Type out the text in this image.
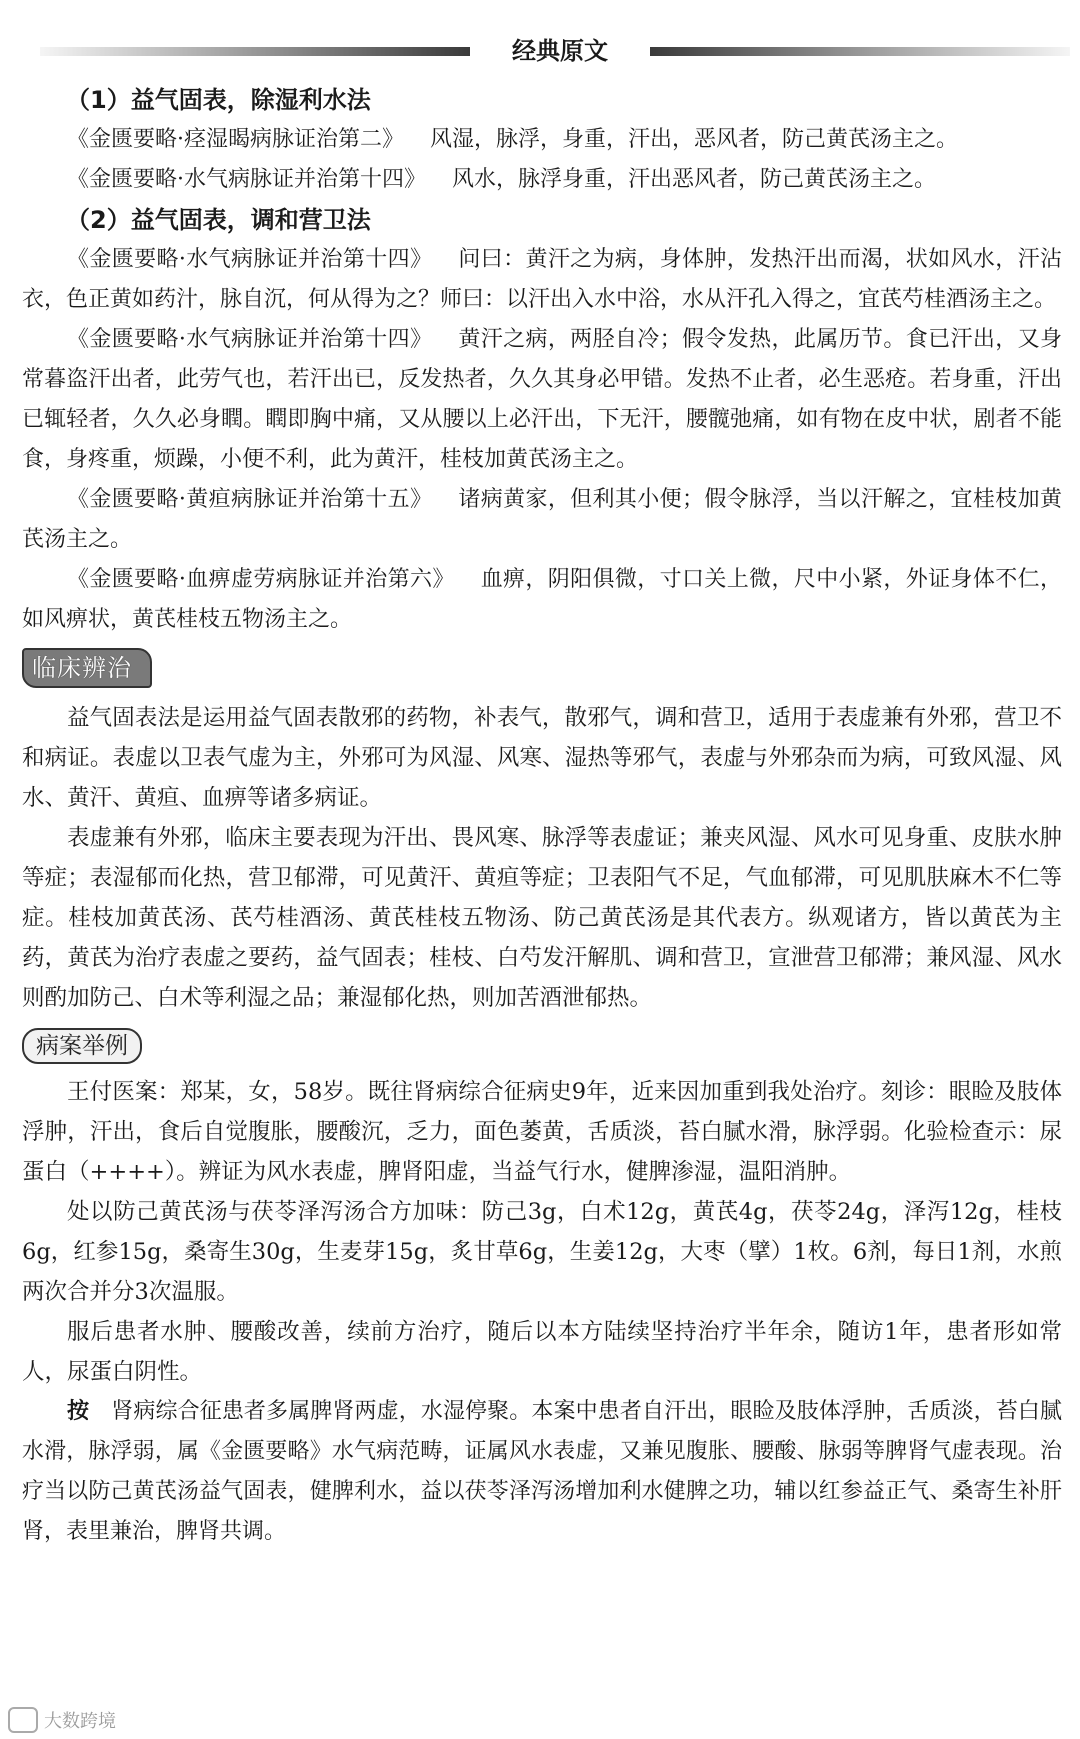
经典原文
（1）益气固表，除湿利水法

《金匮要略·痉湿暍病脉证治第二》 风湿，脉浮，身重，汗出，恶风者，防己黄芪汤主之。

《金匮要略·水气病脉证并治第十四》 风水，脉浮身重，汗出恶风者，防己黄芪汤主之。

（2）益气固表，调和营卫法

《金匮要略·水气病脉证并治第十四》 问曰：黄汗之为病，身体肿，发热汗出而渴，状如风水，汗沾衣，色正黄如药汁，脉自沉，何从得为之？师曰：以汗出入水中浴，水从汗孔入得之，宜芪芍桂酒汤主之。

《金匮要略·水气病脉证并治第十四》 黄汗之病，两胫自冷；假令发热，此属历节。食已汗出，又身常暮盗汗出者，此劳气也，若汗出已，反发热者，久久其身必甲错。发热不止者，必生恶疮。若身重，汗出已辄轻者，久久必身瞤。瞤即胸中痛，又从腰以上必汗出，下无汗，腰髋弛痛，如有物在皮中状，剧者不能食，身疼重，烦躁，小便不利，此为黄汗，桂枝加黄芪汤主之。

《金匮要略·黄疸病脉证并治第十五》 诸病黄家，但利其小便；假令脉浮，当以汗解之，宜桂枝加黄芪汤主之。

《金匮要略·血痹虚劳病脉证并治第六》 血痹，阴阳俱微，寸口关上微，尺中小紧，外证身体不仁，如风痹状，黄芪桂枝五物汤主之。

临床辨治

益气固表法是运用益气固表散邪的药物，补表气，散邪气，调和营卫，适用于表虚兼有外邪，营卫不和病证。表虚以卫表气虚为主，外邪可为风湿、风寒、湿热等邪气，表虚与外邪杂而为病，可致风湿、风水、黄汗、黄疸、血痹等诸多病证。

表虚兼有外邪，临床主要表现为汗出、畏风寒、脉浮等表虚证；兼夹风湿、风水可见身重、皮肤水肿等症；表湿郁而化热，营卫郁滞，可见黄汗、黄疸等症；卫表阳气不足，气血郁滞，可见肌肤麻木不仁等症。桂枝加黄芪汤、芪芍桂酒汤、黄芪桂枝五物汤、防己黄芪汤是其代表方。纵观诸方，皆以黄芪为主药，黄芪为治疗表虚之要药，益气固表；桂枝、白芍发汗解肌、调和营卫，宣泄营卫郁滞；兼风湿、风水则酌加防己、白术等利湿之品；兼湿郁化热，则加苦酒泄郁热。

病案举例

王付医案：郑某，女，58岁。既往肾病综合征病史9年，近来因加重到我处治疗。刻诊：眼睑及肢体浮肿，汗出，食后自觉腹胀，腰酸沉，乏力，面色萎黄，舌质淡，苔白腻水滑，脉浮弱。化验检查示：尿蛋白（++++）。辨证为风水表虚，脾肾阳虚，当益气行水，健脾渗湿，温阳消肿。

处以防己黄芪汤与茯苓泽泻汤合方加味：防己3g，白术12g，黄芪4g，茯苓24g，泽泻12g，桂枝6g，红参15g，桑寄生30g，生麦芽15g，炙甘草6g，生姜12g，大枣（擘）1枚。6剂，每日1剂，水煎两次合并分3次温服。

服后患者水肿、腰酸改善，续前方治疗，随后以本方陆续坚持治疗半年余，随访1年，患者形如常人，尿蛋白阴性。

按　 肾病综合征患者多属脾肾两虚，水湿停聚。本案中患者自汗出，眼睑及肢体浮肿，舌质淡，苔白腻水滑，脉浮弱，属《金匮要略》水气病范畴，证属风水表虚，又兼见腹胀、腰酸、脉弱等脾肾气虚表现。治疗当以防己黄芪汤益气固表，健脾利水，益以茯苓泽泻汤增加利水健脾之功，辅以红参益正气、桑寄生补肝肾，表里兼治，脾肾共调。

大数跨境
